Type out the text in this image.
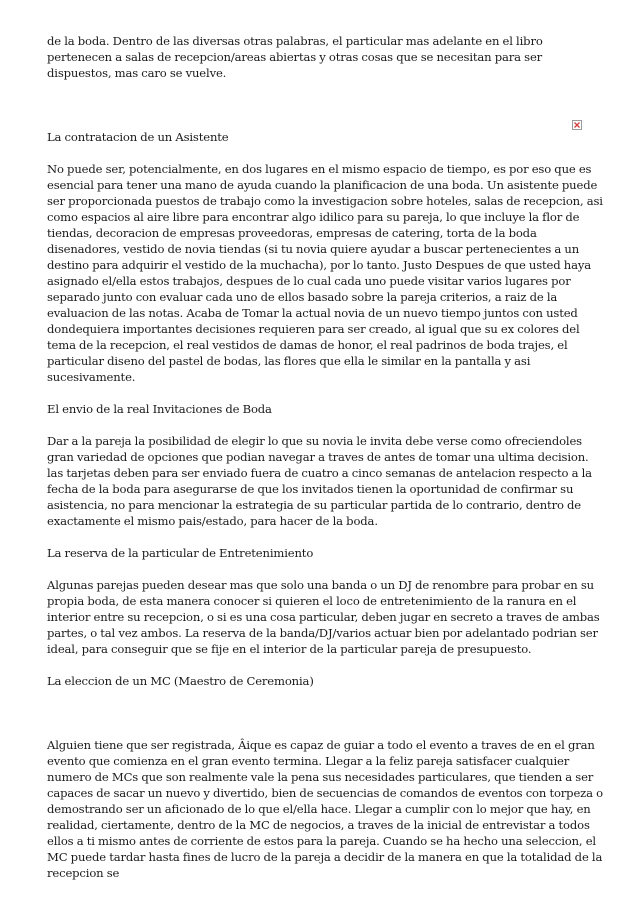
de la boda. Dentro de las diversas otras palabras, el particular mas adelante en el libro pertenecen a salas de recepcion/areas abiertas y otras cosas que se necesitan para ser dispuestos, mas caro se vuelve.

La contratacion de un Asistente

No puede ser, potencialmente, en dos lugares en el mismo espacio de tiempo, es por eso que es esencial para tener una mano de ayuda cuando la planificacion de una boda. Un asistente puede ser proporcionada puestos de trabajo como la investigacion sobre hoteles, salas de recepcion, asi como espacios al aire libre para encontrar algo idilico para su pareja, lo que incluye la flor de tiendas, decoracion de empresas proveedoras, empresas de catering, torta de la boda disenadores, vestido de novia tiendas (si tu novia quiere ayudar a buscar pertenecientes a un destino para adquirir el vestido de la muchacha), por lo tanto. Justo Despues de que usted haya asignado el/ella estos trabajos, despues de lo cual cada uno puede visitar varios lugares por separado junto con evaluar cada uno de ellos basado sobre la pareja criterios, a raiz de la evaluacion de las notas. Acaba de Tomar la actual novia de un nuevo tiempo juntos con usted dondequiera importantes decisiones requieren para ser creado, al igual que su ex colores del tema de la recepcion, el real vestidos de damas de honor, el real padrinos de boda trajes, el particular diseno del pastel de bodas, las flores que ella le similar en la pantalla y asi sucesivamente.

El envio de la real Invitaciones de Boda

Dar a la pareja la posibilidad de elegir lo que su novia le invita debe verse como ofreciendoles gran variedad de opciones que podian navegar a traves de antes de tomar una ultima decision. las tarjetas deben para ser enviado fuera de cuatro a cinco semanas de antelacion respecto a la fecha de la boda para asegurarse de que los invitados tienen la oportunidad de confirmar su asistencia, no para mencionar la estrategia de su particular partida de lo contrario, dentro de exactamente el mismo pais/estado, para hacer de la boda.

La reserva de la particular de Entretenimiento

Algunas parejas pueden desear mas que solo una banda o un DJ de renombre para probar en su propia boda, de esta manera conocer si quieren el loco de entretenimiento de la ranura en el interior entre su recepcion, o si es una cosa particular, deben jugar en secreto a traves de ambas partes, o tal vez ambos. La reserva de la banda/DJ/varios actuar bien por adelantado podrian ser ideal, para conseguir que se fije en el interior de la particular pareja de presupuesto.

La eleccion de un MC (Maestro de Ceremonia)

Alguien tiene que ser registrada, Âique es capaz de guiar a todo el evento a traves de en el gran evento que comienza en el gran evento termina. Llegar a la feliz pareja satisfacer cualquier numero de MCs que son realmente vale la pena sus necesidades particulares, que tienden a ser capaces de sacar un nuevo y divertido, bien de secuencias de comandos de eventos con torpeza o demostrando ser un aficionado de lo que el/ella hace. Llegar a cumplir con lo mejor que hay, en realidad, ciertamente, dentro de la MC de negocios, a traves de la inicial de entrevistar a todos ellos a ti mismo antes de corriente de estos para la pareja. Cuando se ha hecho una seleccion, el MC puede tardar hasta fines de lucro de la pareja a decidir de la manera en que la totalidad de la recepcion se
